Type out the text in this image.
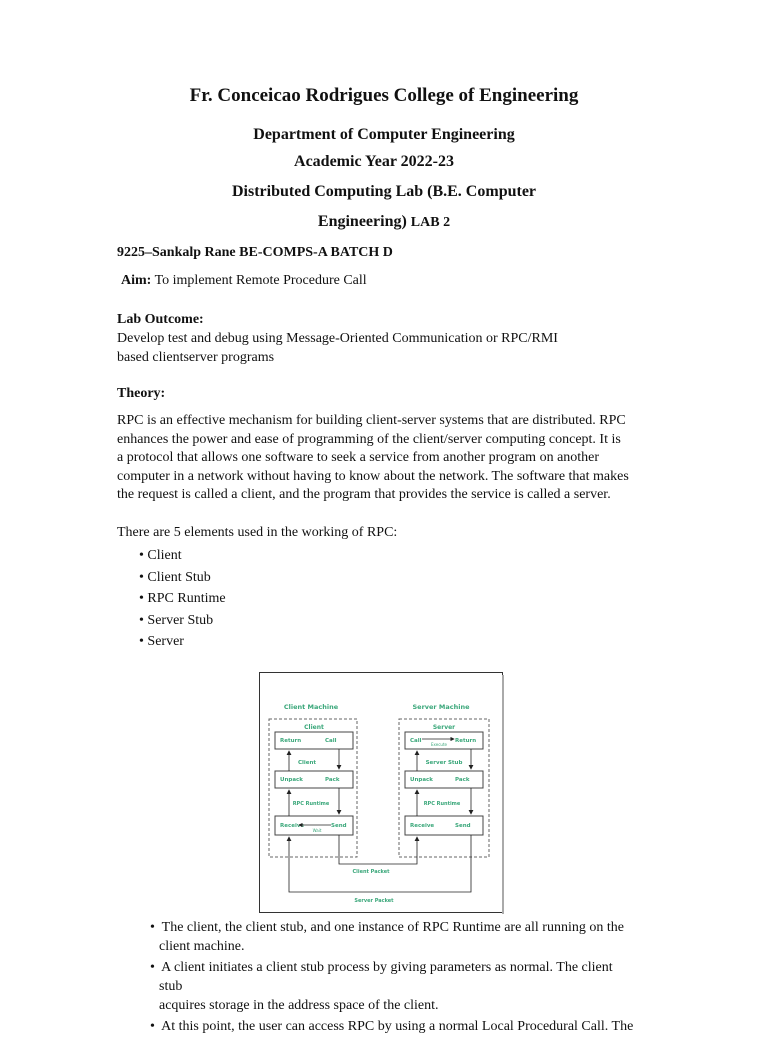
Fr. Conceicao Rodrigues College of Engineering
Department of Computer Engineering
Academic Year 2022-23
Distributed Computing Lab (B.E. Computer
Engineering) LAB 2
9225–Sankalp Rane BE-COMPS-A BATCH D
Aim: To implement Remote Procedure Call
Lab Outcome:
Develop test and debug using Message-Oriented Communication or RPC/RMI
based clientserver programs
Theory:
RPC is an effective mechanism for building client-server systems that are distributed. RPC
enhances the power and ease of programming of the client/server computing concept. It is
a protocol that allows one software to seek a service from another program on another
computer in a network without having to know about the network. The software that makes
the request is called a client, and the program that provides the service is called a server.
There are 5 elements used in the working of RPC:
• Client
• Client Stub
• RPC Runtime
• Server Stub
• Server
Client Machine	Server Machine
Client	Server
Return	Call	Call	Return
Execute
Client	Server Stub
Unpack	Pack	Unpack	Pack
RPC Runtime	RPC Runtime
Receive	Send
Wait
Receive	Send
Client Packet
Server Packet
• The client, the client stub, and one instance of RPC Runtime are all running on the
client machine.
• A client initiates a client stub process by giving parameters as normal. The client stub
acquires storage in the address space of the client.
• At this point, the user can access RPC by using a normal Local Procedural Call. The
